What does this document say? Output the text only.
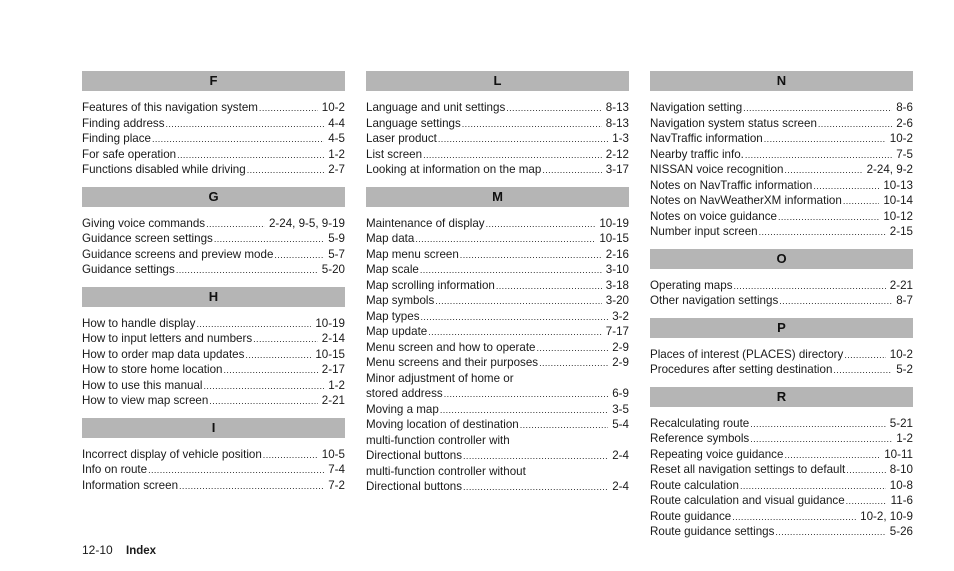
F
Features of this navigation system .....	10-2
Finding address .....	4-4
Finding place .....	4-5
For safe operation .....	1-2
Functions disabled while driving .....	2-7
G
Giving voice commands .....	2-24, 9-5, 9-19
Guidance screen settings .....	5-9
Guidance screens and preview mode .....	5-7
Guidance settings .....	5-20
H
How to handle display .....	10-19
How to input letters and numbers .....	2-14
How to order map data updates .....	10-15
How to store home location .....	2-17
How to use this manual .....	1-2
How to view map screen .....	2-21
I
Incorrect display of vehicle position .....	10-5
Info on route .....	7-4
Information screen .....	7-2
L
Language and unit settings .....	8-13
Language settings .....	8-13
Laser product .....	1-3
List screen .....	2-12
Looking at information on the map .....	3-17
M
Maintenance of display .....	10-19
Map data .....	10-15
Map menu screen .....	2-16
Map scale .....	3-10
Map scrolling information .....	3-18
Map symbols .....	3-20
Map types .....	3-2
Map update .....	7-17
Menu screen and how to operate .....	2-9
Menu screens and their purposes .....	2-9
Minor adjustment of home or
stored address .....	6-9
Moving a map .....	3-5
Moving location of destination .....	5-4
multi-function controller with
Directional buttons .....	2-4
multi-function controller without
Directional buttons .....	2-4
N
Navigation setting .....	8-6
Navigation system status screen .....	2-6
NavTraffic information .....	10-2
Nearby traffic info. .....	7-5
NISSAN voice recognition .....	2-24, 9-2
Notes on NavTraffic information .....	10-13
Notes on NavWeatherXM information .....	10-14
Notes on voice guidance .....	10-12
Number input screen .....	2-15
O
Operating maps .....	2-21
Other navigation settings .....	8-7
P
Places of interest (PLACES) directory .....	10-2
Procedures after setting destination .....	5-2
R
Recalculating route .....	5-21
Reference symbols .....	1-2
Repeating voice guidance .....	10-11
Reset all navigation settings to default .....	8-10
Route calculation .....	10-8
Route calculation and visual guidance .....	11-6
Route guidance .....	10-2, 10-9
Route guidance settings .....	5-26
12-10 Index
